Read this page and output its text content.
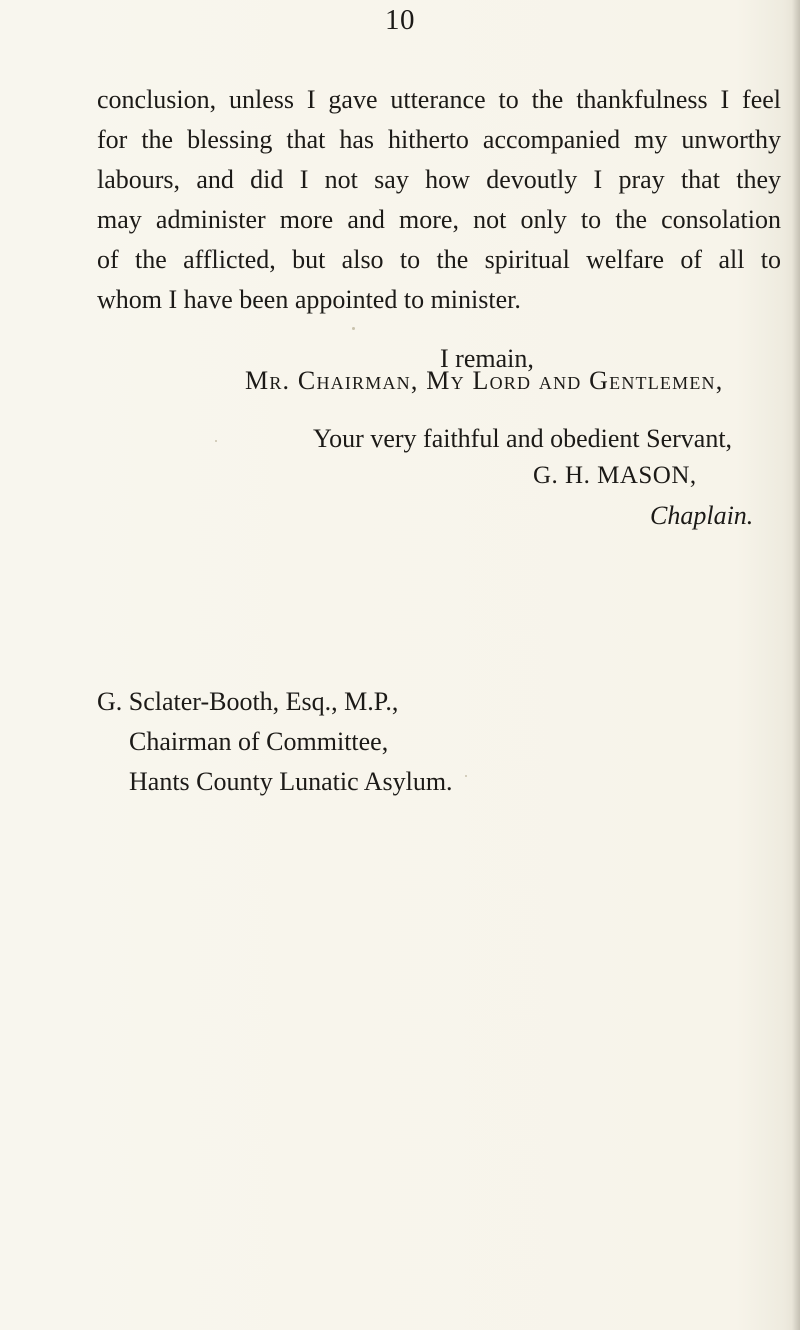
10
conclusion, unless I gave utterance to the thankfulness I feel
for the blessing that has hitherto accompanied my unworthy
labours, and did I not say how devoutly I pray that they
may administer more and more, not only to the consolation
of the afflicted, but also to the spiritual welfare of all to
whom I have been appointed to minister.
I remain,
Mr. Chairman, My Lord and Gentlemen,
Your very faithful and obedient Servant,
G. H. MASON,
Chaplain.
G. Sclater-Booth, Esq., M.P.,
Chairman of Committee,
Hants County Lunatic Asylum.
